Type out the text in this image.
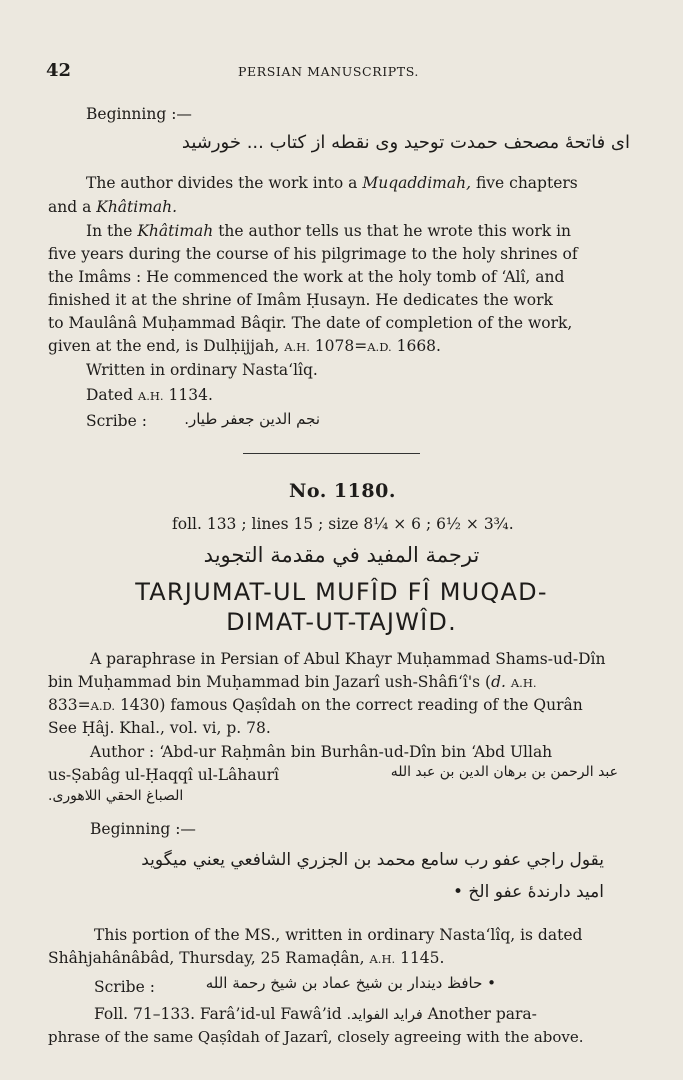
42	PERSIAN MANUSCRIPTS.
Beginning :—
ای فاتحۀ مصحف حمدت توحید وی نقطه از کتاب ... خورشید
The author divides the work into a Muqaddimah, five chapters
and a Khâtimah.
In the Khâtimah the author tells us that he wrote this work in
five years during the course of his pilgrimage to the holy shrines of
the Imâms : He commenced the work at the holy tomb of ‘Alî, and
finished it at the shrine of Imâm Ḥusayn. He dedicates the work
to Maulânâ Muḥammad Bâqir. The date of completion of the work,
given at the end, is Dulḥijjah, A.H. 1078=A.D. 1668.
Written in ordinary Nasta‘lîq.
Dated A.H. 1134.
Scribe :	نجم الدین جعفر طیار.
No. 1180.
foll. 133 ; lines 15 ; size 8¼ × 6 ; 6½ × 3¾.
ترجمة المفيد في مقدمة التجويد
TARJUMAT-UL MUFÎD FÎ MUQAD-
DIMAT-UT-TAJWÎD.
A paraphrase in Persian of Abul Khayr Muḥammad Shams-ud-Dîn
bin Muḥammad bin Muḥammad bin Jazarî ush-Shâfi‘î's (d. A.H.
833=A.D. 1430) famous Qaṣîdah on the correct reading of the Qurân
See Ḥâj. Khal., vol. vi, p. 78.
Author : ‘Abd-ur Raḥmân bin Burhân-ud-Dîn bin ‘Abd Ullah
us-Ṣabâg ul-Ḥaqqî ul-Lâhaurî	عبد الرحمن بن برهان الدین بن عبد الله
الصباغ الحقي اللاهوری.
Beginning :—
يقول راجي عفو رب سامع محمد بن الجزري الشافعي يعني ميگويد
امید دارندهٔ عفو الخ •
This portion of the MS., written in ordinary Nasta‘lîq, is dated
Shâhjahânâbâd, Thursday, 25 Ramaḍân, A.H. 1145.
Scribe :	• حافظ دیندار بن شیخ عماد بن شیخ رحمة الله
Foll. 71–133. Farâ’id-ul Fawâ’id فراید الفواید. Another para-
phrase of the same Qaṣîdah of Jazarî, closely agreeing with the above.
